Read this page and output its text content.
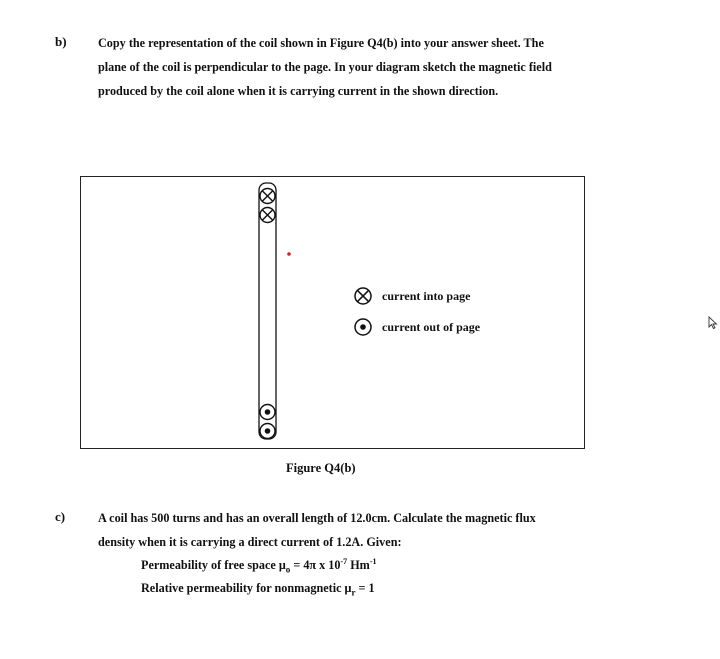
b)	Copy the representation of the coil shown in Figure Q4(b) into your answer sheet. The
plane of the coil is perpendicular to the page. In your diagram sketch the magnetic field
produced by the coil alone when it is carrying current in the shown direction.
current into page
current out of page
Figure Q4(b)
c)	A coil has 500 turns and has an overall length of 12.0cm. Calculate the magnetic flux
density when it is carrying a direct current of 1.2A. Given:
Permeability of free space $\mu_o = 4\pi$ x $10^{-7}$ $Hm^{-1}$
Relative permeability for nonmagnetic $\mu_r = 1$
